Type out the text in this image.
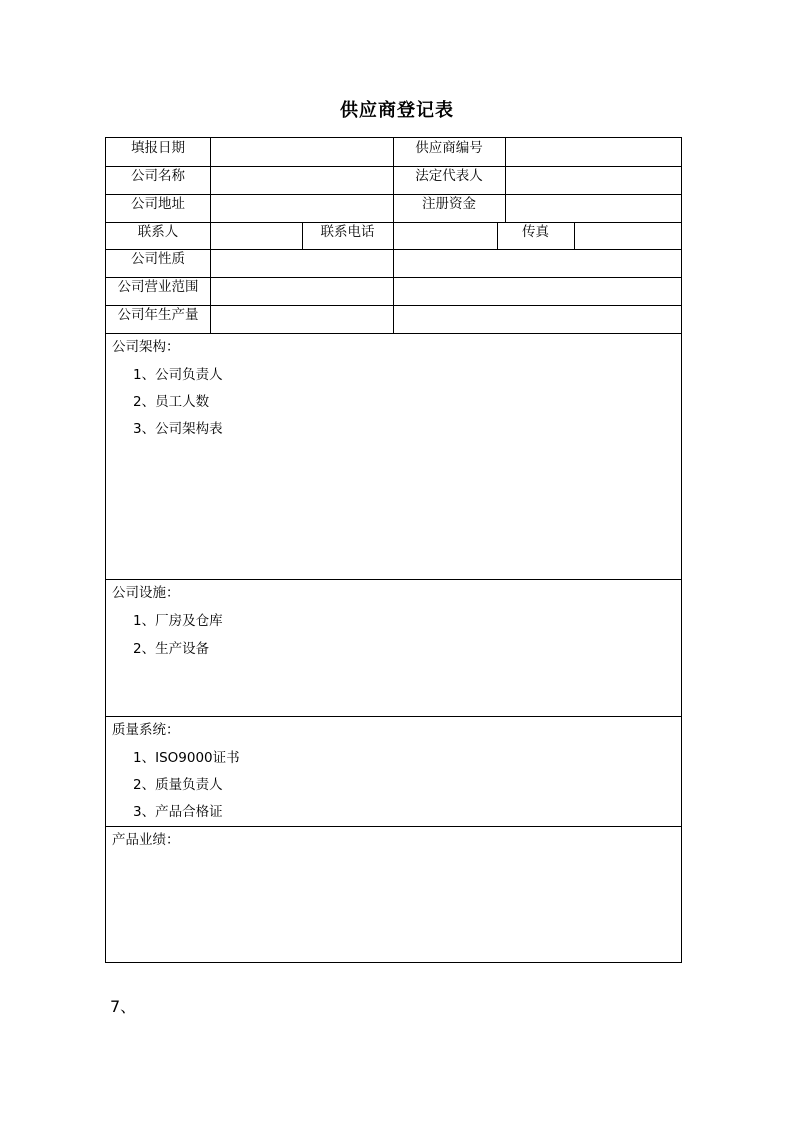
供应商登记表
填报日期	供应商编号
公司名称	法定代表人
公司地址	注册资金
联系人	联系电话	传真
公司性质
公司营业范围
公司年生产量
公司架构：
1、公司负责人
2、员工人数
3、公司架构表
公司设施：
1、厂房及仓库
2、生产设备
质量系统：
1、ISO9000证书
2、质量负责人
3、产品合格证
产品业绩：
7、
